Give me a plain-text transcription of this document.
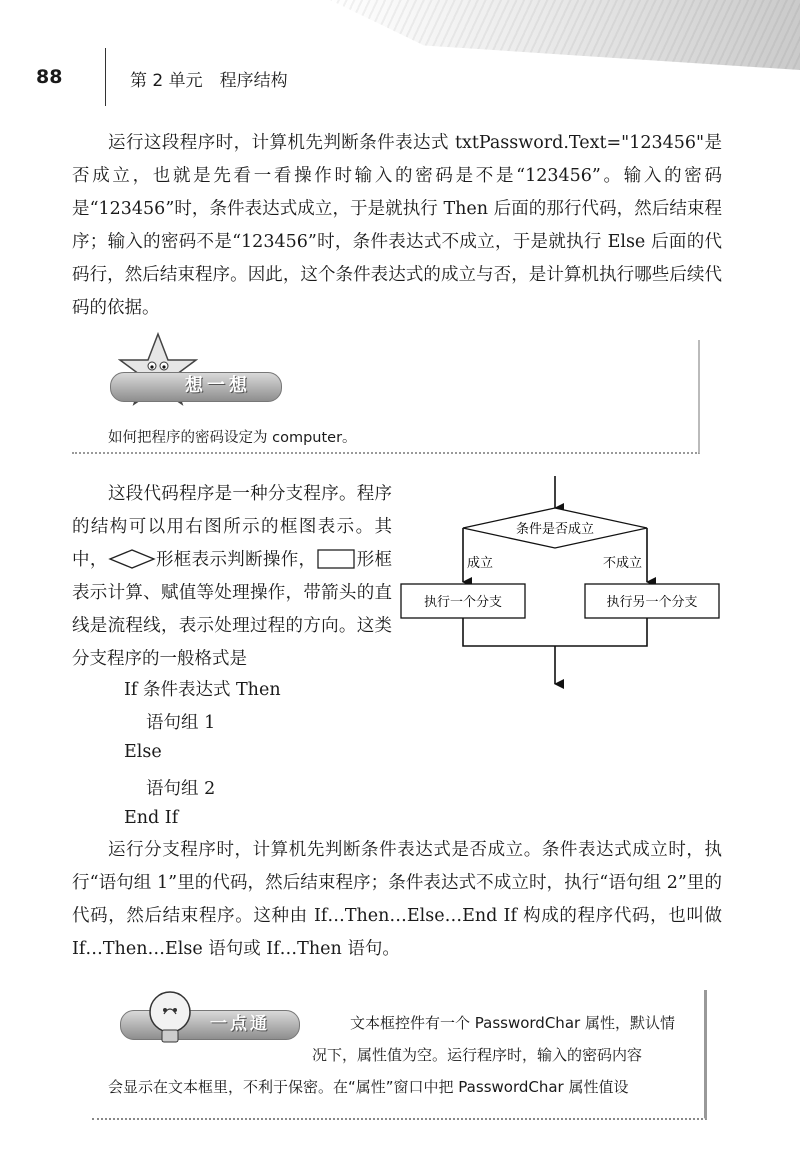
88	第 2 单元　程序结构

运行这段程序时，计算机先判断条件表达式 txtPassword.Text="123456"是否成立，也就是先看一看操作时输入的密码是不是“123456”。输入的密码是“123456”时，条件表达式成立，于是就执行 Then 后面的那行代码，然后结束程序；输入的密码不是“123456”时，条件表达式不成立，于是就执行 Else 后面的代码行，然后结束程序。因此，这个条件表达式的成立与否，是计算机执行哪些后续代码的依据。

想一想
如何把程序的密码设定为 computer。

这段代码程序是一种分支程序。程序的结构可以用右图所示的框图表示。其中，	形框表示判断操作， 形框表示计算、赋值等处理操作，带箭头的直线是流程线，表示处理过程的方向。这类分支程序的一般格式是

If 条件表达式 Then
语句组 1
Else
语句组 2
End If
条件是否成立
成立	不成立
执行一个分支	执行另一个分支

运行分支程序时，计算机先判断条件表达式是否成立。条件表达式成立时，执行“语句组 1”里的代码，然后结束程序；条件表达式不成立时，执行“语句组 2”里的代码，然后结束程序。这种由 If…Then…Else…End If 构成的程序代码，也叫做 If…Then…Else 语句或 If…Then 语句。

一点通	文本框控件有一个 PasswordChar 属性，默认情
况下，属性值为空。运行程序时，输入的密码内容
会显示在文本框里，不利于保密。在“属性”窗口中把 PasswordChar 属性值设
